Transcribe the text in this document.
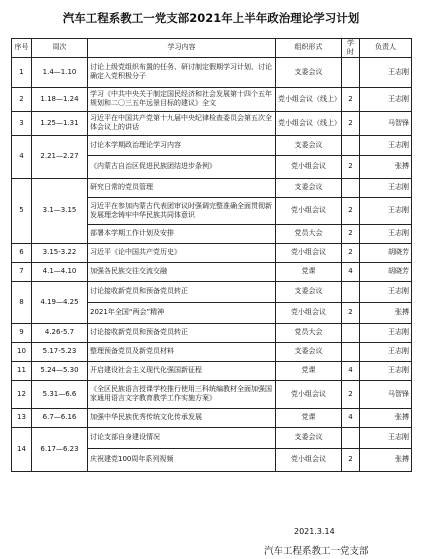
汽车工程系教工一党支部2021年上半年政治理论学习计划
序号	周次	学习内容	组织形式	学时	负责人
1	1.4—1.10	讨论上级党组织布置的任务、研讨制定假期学习计划、讨论确定入党积极分子	支委会议		王志刚
2	1.18—1.24	学习《中共中央关于制定国民经济和社会发展第十四个五年规划和二〇三五年远景目标的建议》全文	党小组会议（线上）	2	王志刚
3	1.25—1.31	习近平在中国共产党第十九届中央纪律检查委员会第五次全体会议上的讲话	党小组会议（线上）	2	马智锋
4	2.21—2.27	讨论本学期政治理论学习内容	支委会议		王志刚
		《内蒙古自治区促进民族团结进步条例》	党小组会议	2	张搏
5	3.1—3.15	研究日常的党员管理	支委会议		王志刚
		习近平在参加内蒙古代表团审议时强调完整准确全面贯彻新发展理念铸牢中华民族共同体意识	党小组会议	2	王志刚
		部署本学期工作计划及安排	党员大会	2	王志刚
6	3.15-3.22	习近平《论中国共产党历史》	党小组会议	2	胡晓芳
7	4.1—4.10	加强各民族交往交流交融	党课	4	胡晓芳
8	4.19—4.25	讨论接收新党员和预备党员转正	支委会议		王志刚
		2021年全国“两会”精神	党小组会议	2	张搏
9	4.26-5.7	讨论接收新党员和预备党员转正	党员大会		王志刚
10	5.17-5.23	整理预备党员及新党员材料	支委会议		王志刚
11	5.24—5.30	开启建设社会主义现代化强国新征程	党课	4	王志刚
12	5.31—6.6	《全区民族语言授课学校推行使用三科统编教材全面加强国家通用语言文字教育教学工作实施方案》	党小组会议	2	马智锋
13	6.7—6.16	加强中华民族优秀传统文化传承发展	党课	4	张搏
14	6.17—6.23	讨论支部自身建设情况	支委会议		王志刚
		庆祝建党100周年系列视频	党小组会议	2	张搏
2021.3.14
汽车工程系教工一党支部
